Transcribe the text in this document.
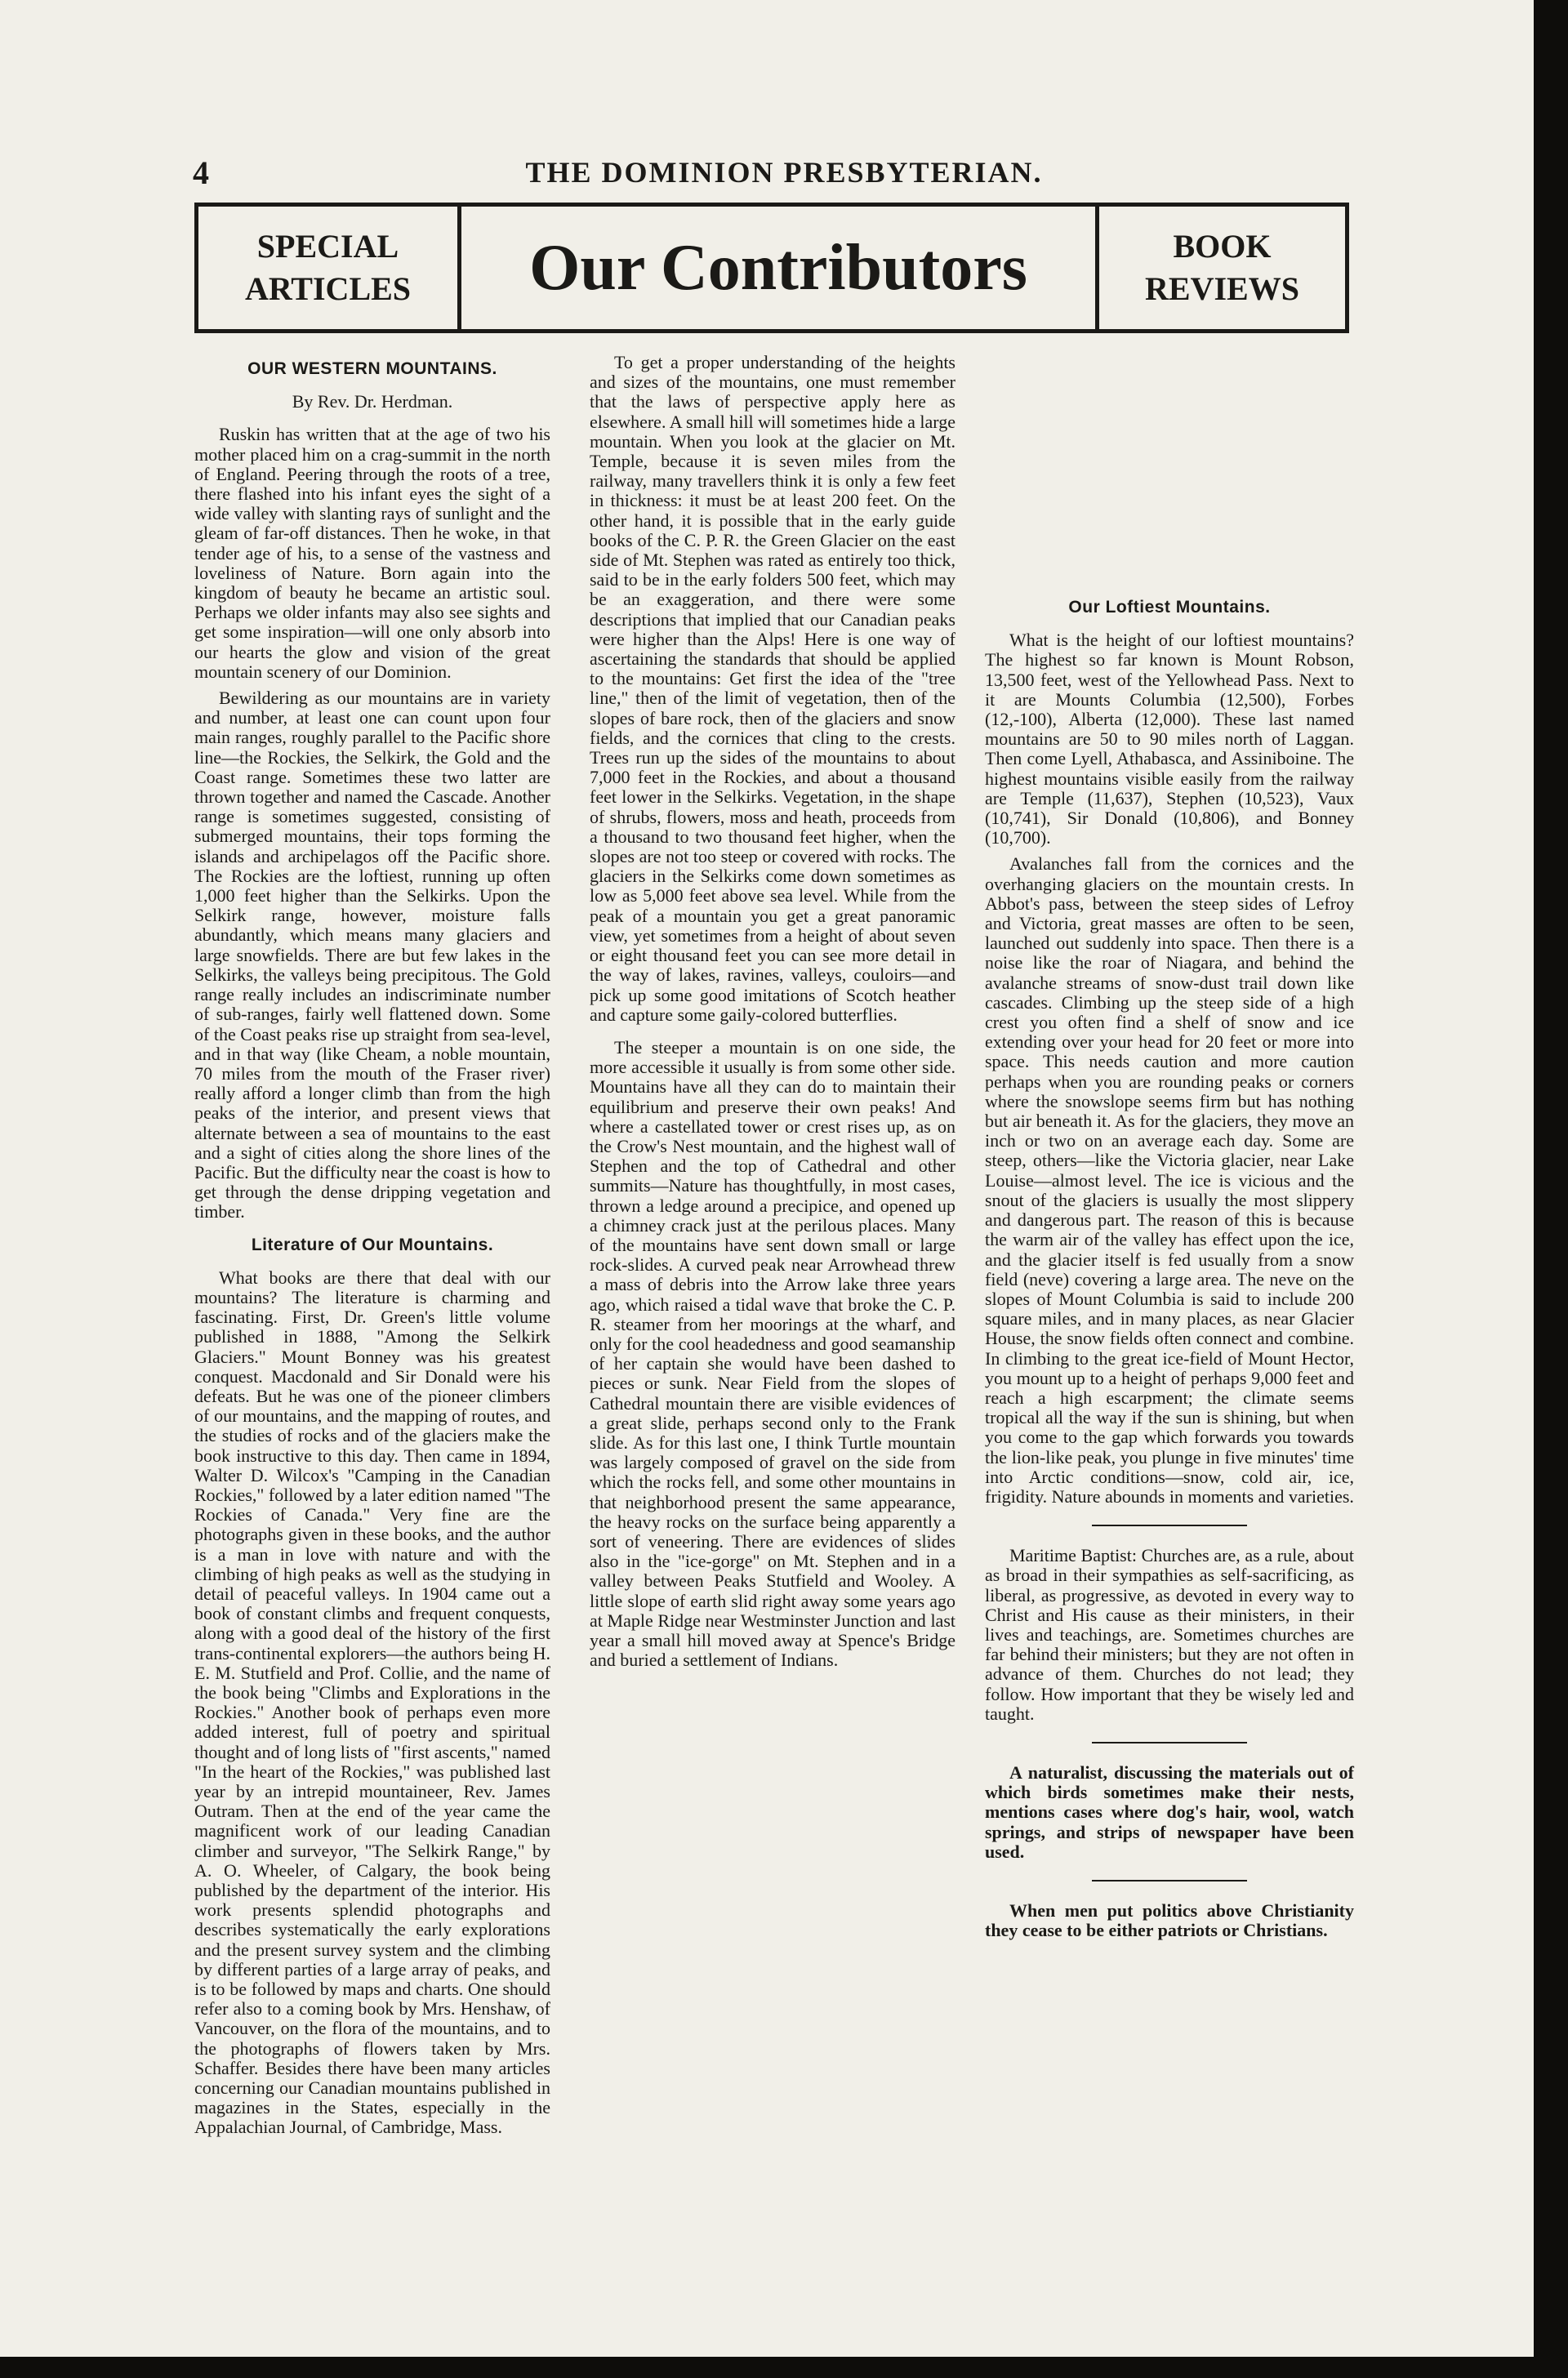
4	THE DOMINION PRESBYTERIAN.
SPECIAL ARTICLES	Our Contributors	BOOK REVIEWS
OUR WESTERN MOUNTAINS.
By Rev. Dr. Herdman.

Ruskin has written that at the age of two his mother placed him on a crag-summit in the north of England. Peering through the roots of a tree, there flashed into his infant eyes the sight of a wide valley with slanting rays of sunlight and the gleam of far-off distances. Then he woke, in that tender age of his, to a sense of the vastness and loveliness of Nature. Born again into the kingdom of beauty he became an artistic soul. Perhaps we older infants may also see sights and get some inspiration—will one only absorb into our hearts the glow and vision of the great mountain scenery of our Dominion.

Bewildering as our mountains are in variety and number, at least one can count upon four main ranges, roughly parallel to the Pacific shore line—the Rockies, the Selkirk, the Gold and the Coast range. Sometimes these two latter are thrown together and named the Cascade. Another range is sometimes suggested, consisting of submerged mountains, their tops forming the islands and archipelagos off the Pacific shore. The Rockies are the loftiest, running up often 1,000 feet higher than the Selkirks. Upon the Selkirk range, however, moisture falls abundantly, which means many glaciers and large snowfields. There are but few lakes in the Selkirks, the valleys being precipitous. The Gold range really includes an indiscriminate number of sub-ranges, fairly well flattened down. Some of the Coast peaks rise up straight from sea-level, and in that way (like Cheam, a noble mountain, 70 miles from the mouth of the Fraser river) really afford a longer climb than from the high peaks of the interior, and present views that alternate between a sea of mountains to the east and a sight of cities along the shore lines of the Pacific. But the difficulty near the coast is how to get through the dense dripping vegetation and timber.

Literature of Our Mountains.

What books are there that deal with our mountains? The literature is charming and fascinating. First, Dr. Green's little volume published in 1888, "Among the Selkirk Glaciers." Mount Bonney was his greatest conquest. Macdonald and Sir Donald were his defeats. But he was one of the pioneer climbers of our mountains, and the mapping of routes, and the studies of rocks and of the glaciers make the book instructive to this day. Then came in 1894, Walter D. Wilcox's "Camping in the Canadian Rockies," followed by a later edition named "The Rockies of Canada." Very fine are the photographs given in these books, and the author is a man in love with nature and with the climbing of high peaks as well as the studying in detail of peaceful valleys. In 1904 came out a book of constant climbs and frequent conquests, along with a good deal of the history of the first trans-continental explorers—the authors being H. E. M. Stutfield and Prof. Collie, and the name of the book being "Climbs and Explorations in the Rockies." Another book of perhaps even more added interest, full of poetry and spiritual thought and of long lists of "first ascents," named "In the heart of the Rockies," was published last year by an intrepid mountaineer, Rev. James Outram. Then at the end of the year came the magnificent work of our leading Canadian climber and surveyor, "The Selkirk Range," by A. O. Wheeler, of Calgary, the book being published by the department of the interior. His work presents splendid photographs and describes systematically the early explorations and the present survey system and the climbing by different parties of a large array of peaks, and is to be followed by maps and charts. One should refer also to a coming book by Mrs. Henshaw, of Vancouver, on the flora of the mountains, and to the photographs of flowers taken by Mrs. Schaffer. Besides there have been many articles concerning our Canadian mountains published in magazines in the States, especially in the Appalachian Journal, of Cambridge, Mass.

To get a proper understanding of the heights and sizes of the mountains, one must remember that the laws of perspective apply here as elsewhere. A small hill will sometimes hide a large mountain. When you look at the glacier on Mt. Temple, because it is seven miles from the railway, many travellers think it is only a few feet in thickness: it must be at least 200 feet. On the other hand, it is possible that in the early guide books of the C. P. R. the Green Glacier on the east side of Mt. Stephen was rated as entirely too thick, said to be in the early folders 500 feet, which may be an exaggeration, and there were some descriptions that implied that our Canadian peaks were higher than the Alps! Here is one way of ascertaining the standards that should be applied to the mountains: Get first the idea of the "tree line," then of the limit of vegetation, then of the slopes of bare rock, then of the glaciers and snow fields, and the cornices that cling to the crests. Trees run up the sides of the mountains to about 7,000 feet in the Rockies, and about a thousand feet lower in the Selkirks. Vegetation, in the shape of shrubs, flowers, moss and heath, proceeds from a thousand to two thousand feet higher, when the slopes are not too steep or covered with rocks. The glaciers in the Selkirks come down sometimes as low as 5,000 feet above sea level. While from the peak of a mountain you get a great panoramic view, yet sometimes from a height of about seven or eight thousand feet you can see more detail in the way of lakes, ravines, valleys, couloirs—and pick up some good imitations of Scotch heather and capture some gaily-colored butterflies.

The steeper a mountain is on one side, the more accessible it usually is from some other side. Mountains have all they can do to maintain their equilibrium and preserve their own peaks! And where a castellated tower or crest rises up, as on the Crow's Nest mountain, and the highest wall of Stephen and the top of Cathedral and other summits—Nature has thoughtfully, in most cases, thrown a ledge around a precipice, and opened up a chimney crack just at the perilous places. Many of the mountains have sent down small or large rock-slides. A curved peak near Arrowhead threw a mass of debris into the Arrow lake three years ago, which raised a tidal wave that broke the C. P. R. steamer from her moorings at the wharf, and only for the cool headedness and good seamanship of her captain she would have been dashed to pieces or sunk. Near Field from the slopes of Cathedral mountain there are visible evidences of a great slide, perhaps second only to the Frank slide. As for this last one, I think Turtle mountain was largely composed of gravel on the side from which the rocks fell, and some other mountains in that neighborhood present the same appearance, the heavy rocks on the surface being apparently a sort of veneering. There are evidences of slides also in the "ice-gorge" on Mt. Stephen and in a valley between Peaks Stutfield and Wooley. A little slope of earth slid right away some years ago at Maple Ridge near Westminster Junction and last year a small hill moved away at Spence's Bridge and buried a settlement of Indians.

Our Loftiest Mountains.

What is the height of our loftiest mountains? The highest so far known is Mount Robson, 13,500 feet, west of the Yellowhead Pass. Next to it are Mounts Columbia (12,500), Forbes (12,-100), Alberta (12,000). These last named mountains are 50 to 90 miles north of Laggan. Then come Lyell, Athabasca, and Assiniboine. The highest mountains visible easily from the railway are Temple (11,637), Stephen (10,523), Vaux (10,741), Sir Donald (10,806), and Bonney (10,700).

Avalanches fall from the cornices and the overhanging glaciers on the mountain crests. In Abbot's pass, between the steep sides of Lefroy and Victoria, great masses are often to be seen, launched out suddenly into space. Then there is a noise like the roar of Niagara, and behind the avalanche streams of snow-dust trail down like cascades. Climbing up the steep side of a high crest you often find a shelf of snow and ice extending over your head for 20 feet or more into space. This needs caution and more caution perhaps when you are rounding peaks or corners where the snowslope seems firm but has nothing but air beneath it. As for the glaciers, they move an inch or two on an average each day. Some are steep, others—like the Victoria glacier, near Lake Louise—almost level. The ice is vicious and the snout of the glaciers is usually the most slippery and dangerous part. The reason of this is because the warm air of the valley has effect upon the ice, and the glacier itself is fed usually from a snow field (neve) covering a large area. The neve on the slopes of Mount Columbia is said to include 200 square miles, and in many places, as near Glacier House, the snow fields often connect and combine. In climbing to the great ice-field of Mount Hector, you mount up to a height of perhaps 9,000 feet and reach a high escarpment; the climate seems tropical all the way if the sun is shining, but when you come to the gap which forwards you towards the lion-like peak, you plunge in five minutes' time into Arctic conditions—snow, cold air, ice, frigidity. Nature abounds in moments and varieties.

Maritime Baptist: Churches are, as a rule, about as broad in their sympathies as self-sacrificing, as liberal, as progressive, as devoted in every way to Christ and His cause as their ministers, in their lives and teachings, are. Sometimes churches are far behind their ministers; but they are not often in advance of them. Churches do not lead; they follow. How important that they be wisely led and taught.

A naturalist, discussing the materials out of which birds sometimes make their nests, mentions cases where dog's hair, wool, watch springs, and strips of newspaper have been used.

When men put politics above Christianity they cease to be either patriots or Christians.
